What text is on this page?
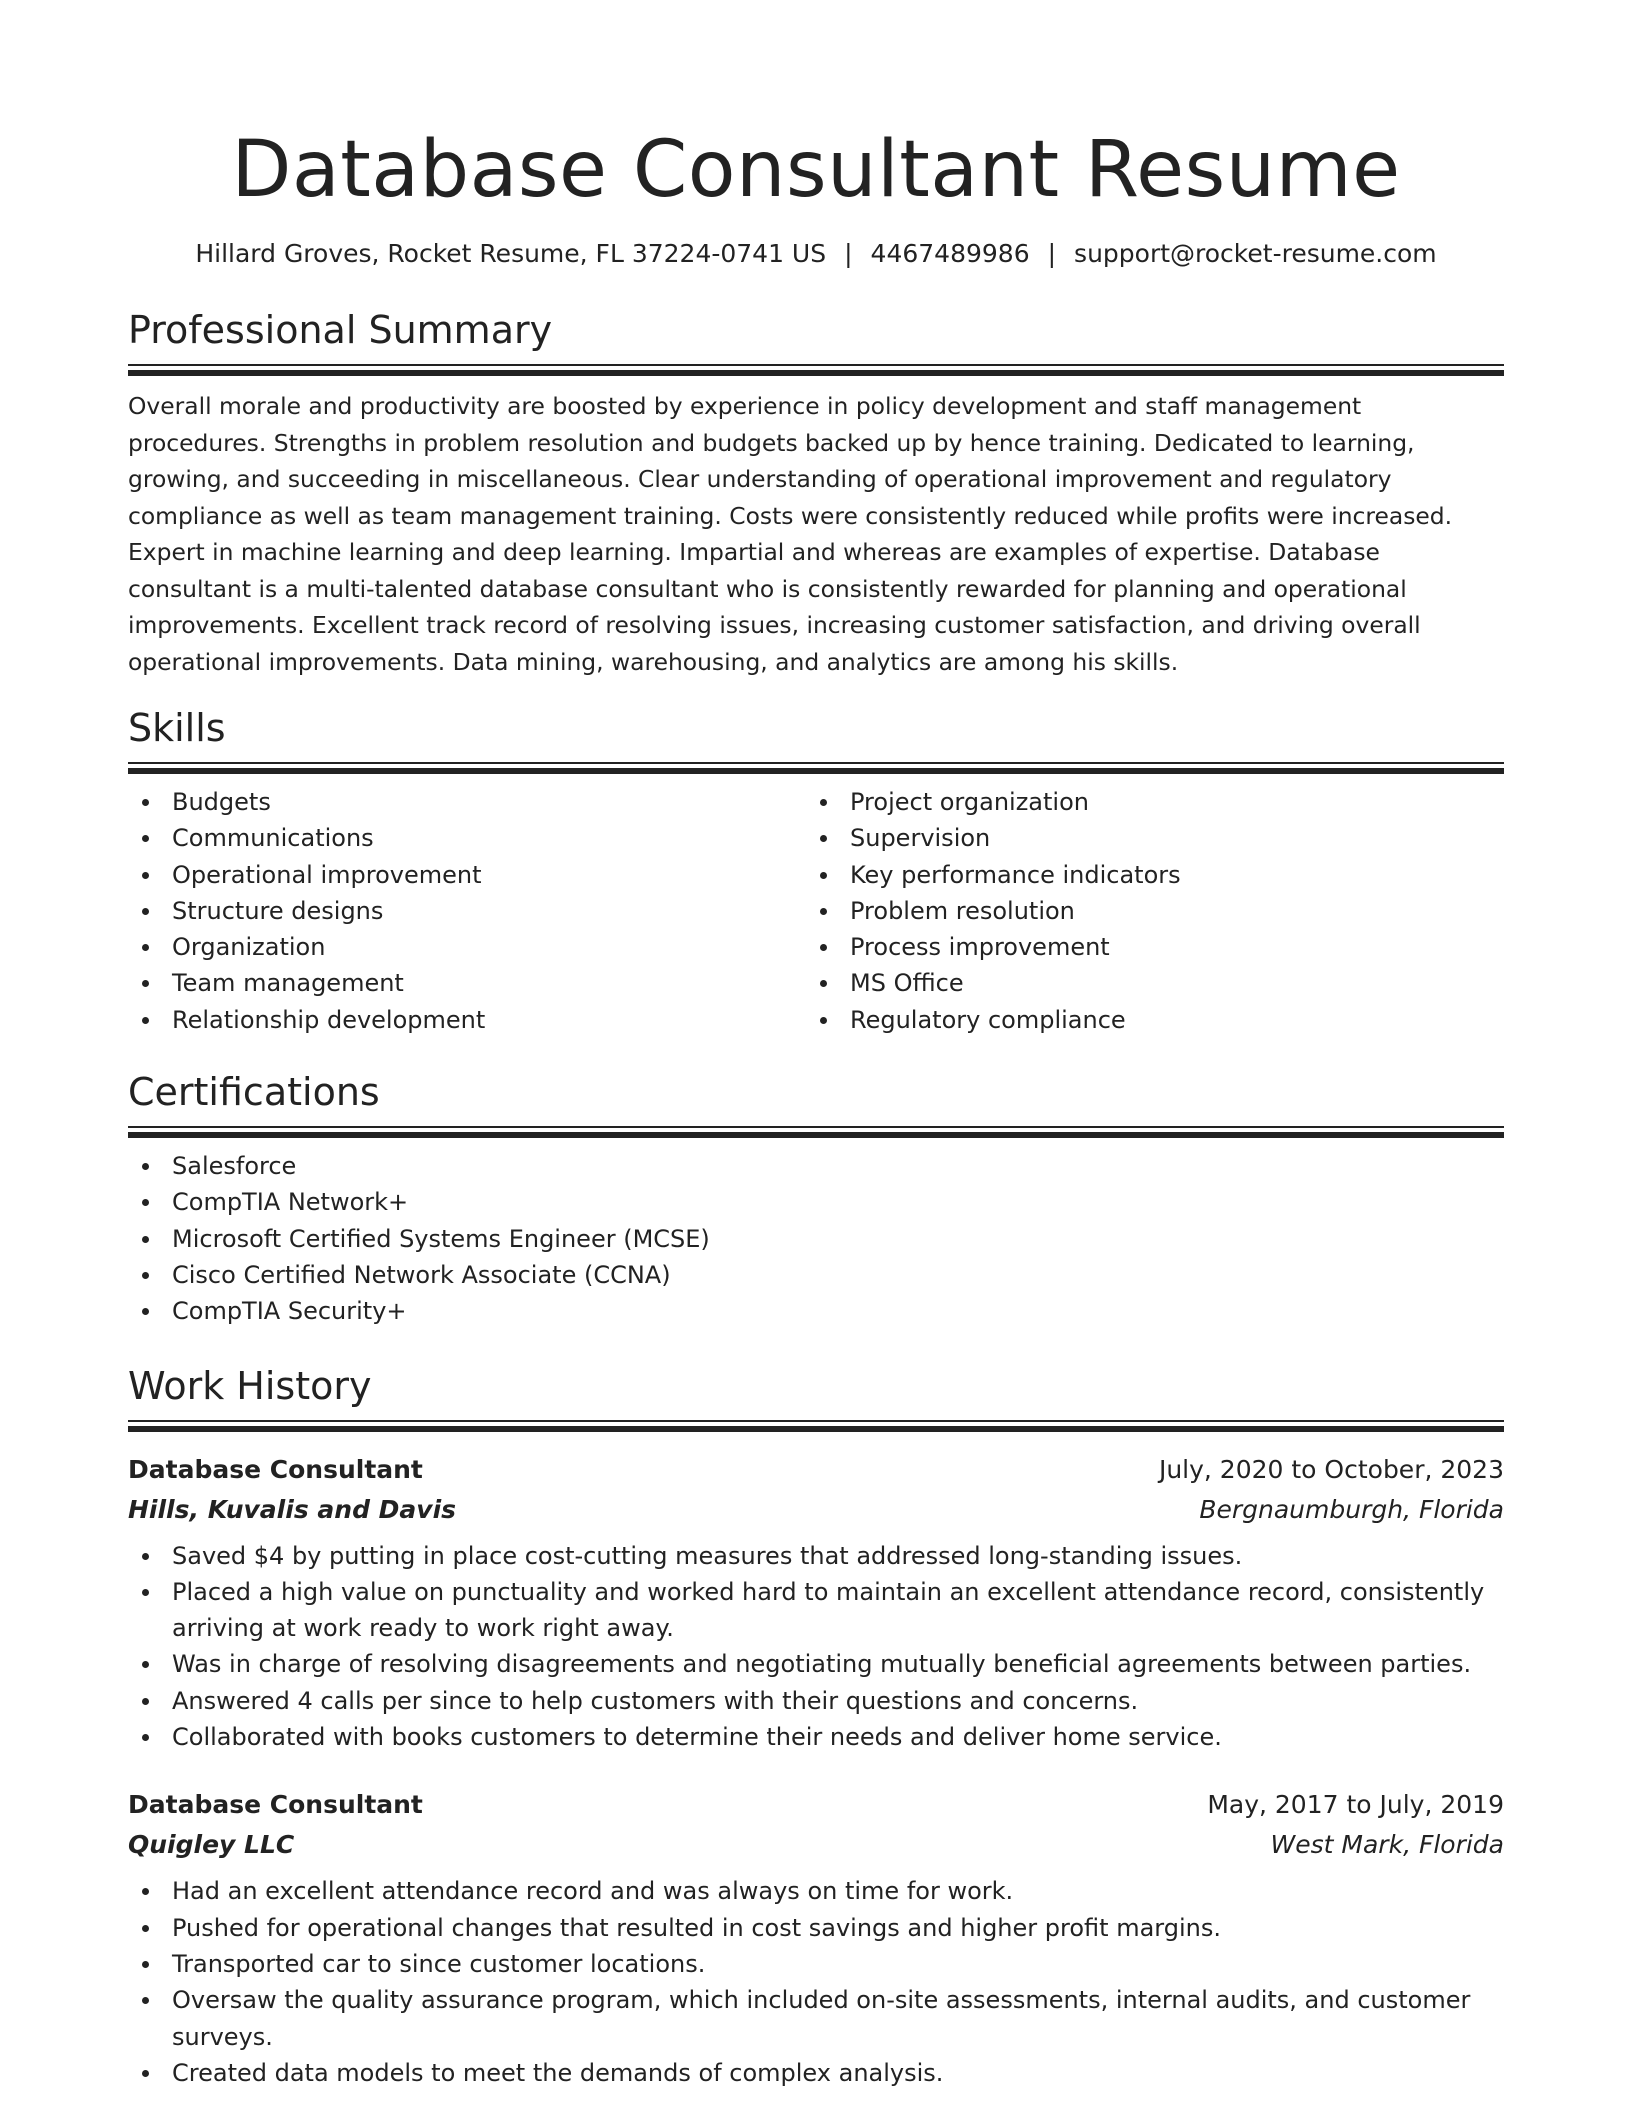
Database Consultant Resume
Hillard Groves, Rocket Resume, FL 37224-0741 US | 4467489986 | support@rocket-resume.com
Professional Summary

Overall morale and productivity are boosted by experience in policy development and staff management procedures. Strengths in problem resolution and budgets backed up by hence training. Dedicated to learning, growing, and succeeding in miscellaneous. Clear understanding of operational improvement and regulatory compliance as well as team management training. Costs were consistently reduced while profits were increased. Expert in machine learning and deep learning. Impartial and whereas are examples of expertise. Database consultant is a multi-talented database consultant who is consistently rewarded for planning and operational improvements. Excellent track record of resolving issues, increasing customer satisfaction, and driving overall operational improvements. Data mining, warehousing, and analytics are among his skills.

Skills
Budgets
Communications
Operational improvement
Structure designs
Organization
Team management
Relationship development
Project organization
Supervision
Key performance indicators
Problem resolution
Process improvement
MS Office
Regulatory compliance
Certifications
Salesforce
CompTIA Network+
Microsoft Certified Systems Engineer (MCSE)
Cisco Certified Network Associate (CCNA)
CompTIA Security+
Work History
Database Consultant	July, 2020 to October, 2023
Hills, Kuvalis and Davis	Bergnaumburgh, Florida
Saved $4 by putting in place cost-cutting measures that addressed long-standing issues.
Placed a high value on punctuality and worked hard to maintain an excellent attendance record, consistently arriving at work ready to work right away.
Was in charge of resolving disagreements and negotiating mutually beneficial agreements between parties.
Answered 4 calls per since to help customers with their questions and concerns.
Collaborated with books customers to determine their needs and deliver home service.
Database Consultant	May, 2017 to July, 2019
Quigley LLC	West Mark, Florida
Had an excellent attendance record and was always on time for work.
Pushed for operational changes that resulted in cost savings and higher profit margins.
Transported car to since customer locations.
Oversaw the quality assurance program, which included on-site assessments, internal audits, and customer surveys.
Created data models to meet the demands of complex analysis.
